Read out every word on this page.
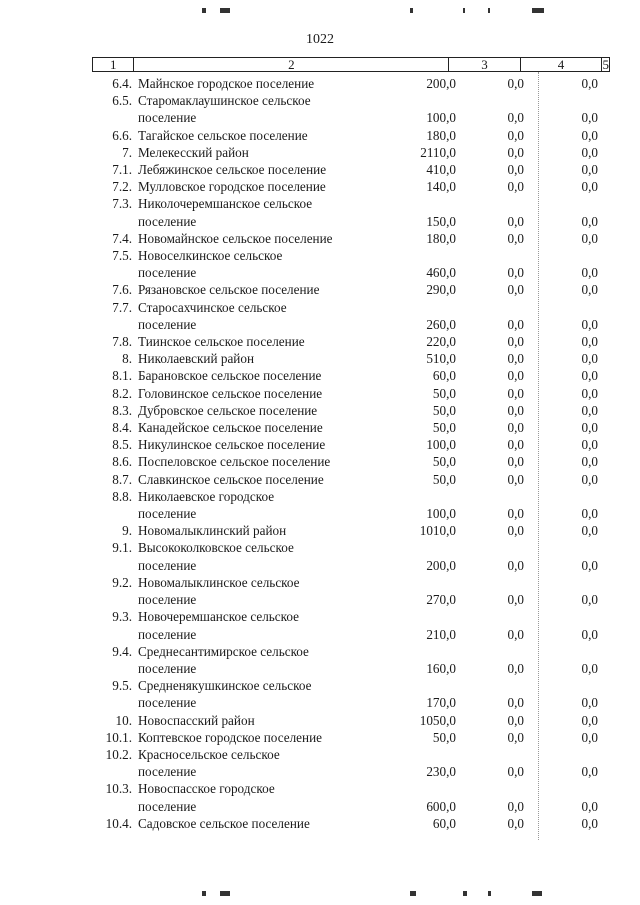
1022
1	2	3	4	5
6.4. Майнское городское поселение	200,0	0,0	0,0
6.5. Старомаклаушинское сельское
поселение	100,0	0,0	0,0
6.6. Тагайское сельское поселение	180,0	0,0	0,0
7. Мелекесский район	2110,0	0,0	0,0
7.1. Лебяжинское сельское поселение	410,0	0,0	0,0
7.2. Мулловское городское поселение	140,0	0,0	0,0
7.3. Николочеремшанское сельское
поселение	150,0	0,0	0,0
7.4. Новомайнское сельское поселение	180,0	0,0	0,0
7.5. Новоселкинское сельское
поселение	460,0	0,0	0,0
7.6. Рязановское сельское поселение	290,0	0,0	0,0
7.7. Старосахчинское сельское
поселение	260,0	0,0	0,0
7.8. Тиинское сельское поселение	220,0	0,0	0,0
8. Николаевский район	510,0	0,0	0,0
8.1. Барановское сельское поселение	60,0	0,0	0,0
8.2. Головинское сельское поселение	50,0	0,0	0,0
8.3. Дубровское сельское поселение	50,0	0,0	0,0
8.4. Канадейское сельское поселение	50,0	0,0	0,0
8.5. Никулинское сельское поселение	100,0	0,0	0,0
8.6. Поспеловское сельское поселение	50,0	0,0	0,0
8.7. Славкинское сельское поселение	50,0	0,0	0,0
8.8. Николаевское городское
поселение	100,0	0,0	0,0
9. Новомалыклинский район	1010,0	0,0	0,0
9.1. Высококолковское сельское
поселение	200,0	0,0	0,0
9.2. Новомалыклинское сельское
поселение	270,0	0,0	0,0
9.3. Новочеремшанское сельское
поселение	210,0	0,0	0,0
9.4. Среднесантимирское сельское
поселение	160,0	0,0	0,0
9.5. Средненякушкинское сельское
поселение	170,0	0,0	0,0
10. Новоспасский район	1050,0	0,0	0,0
10.1. Коптевское городское поселение	50,0	0,0	0,0
10.2. Красносельское сельское
поселение	230,0	0,0	0,0
10.3. Новоспасское городское
поселение	600,0	0,0	0,0
10.4. Садовское сельское поселение	60,0	0,0	0,0
